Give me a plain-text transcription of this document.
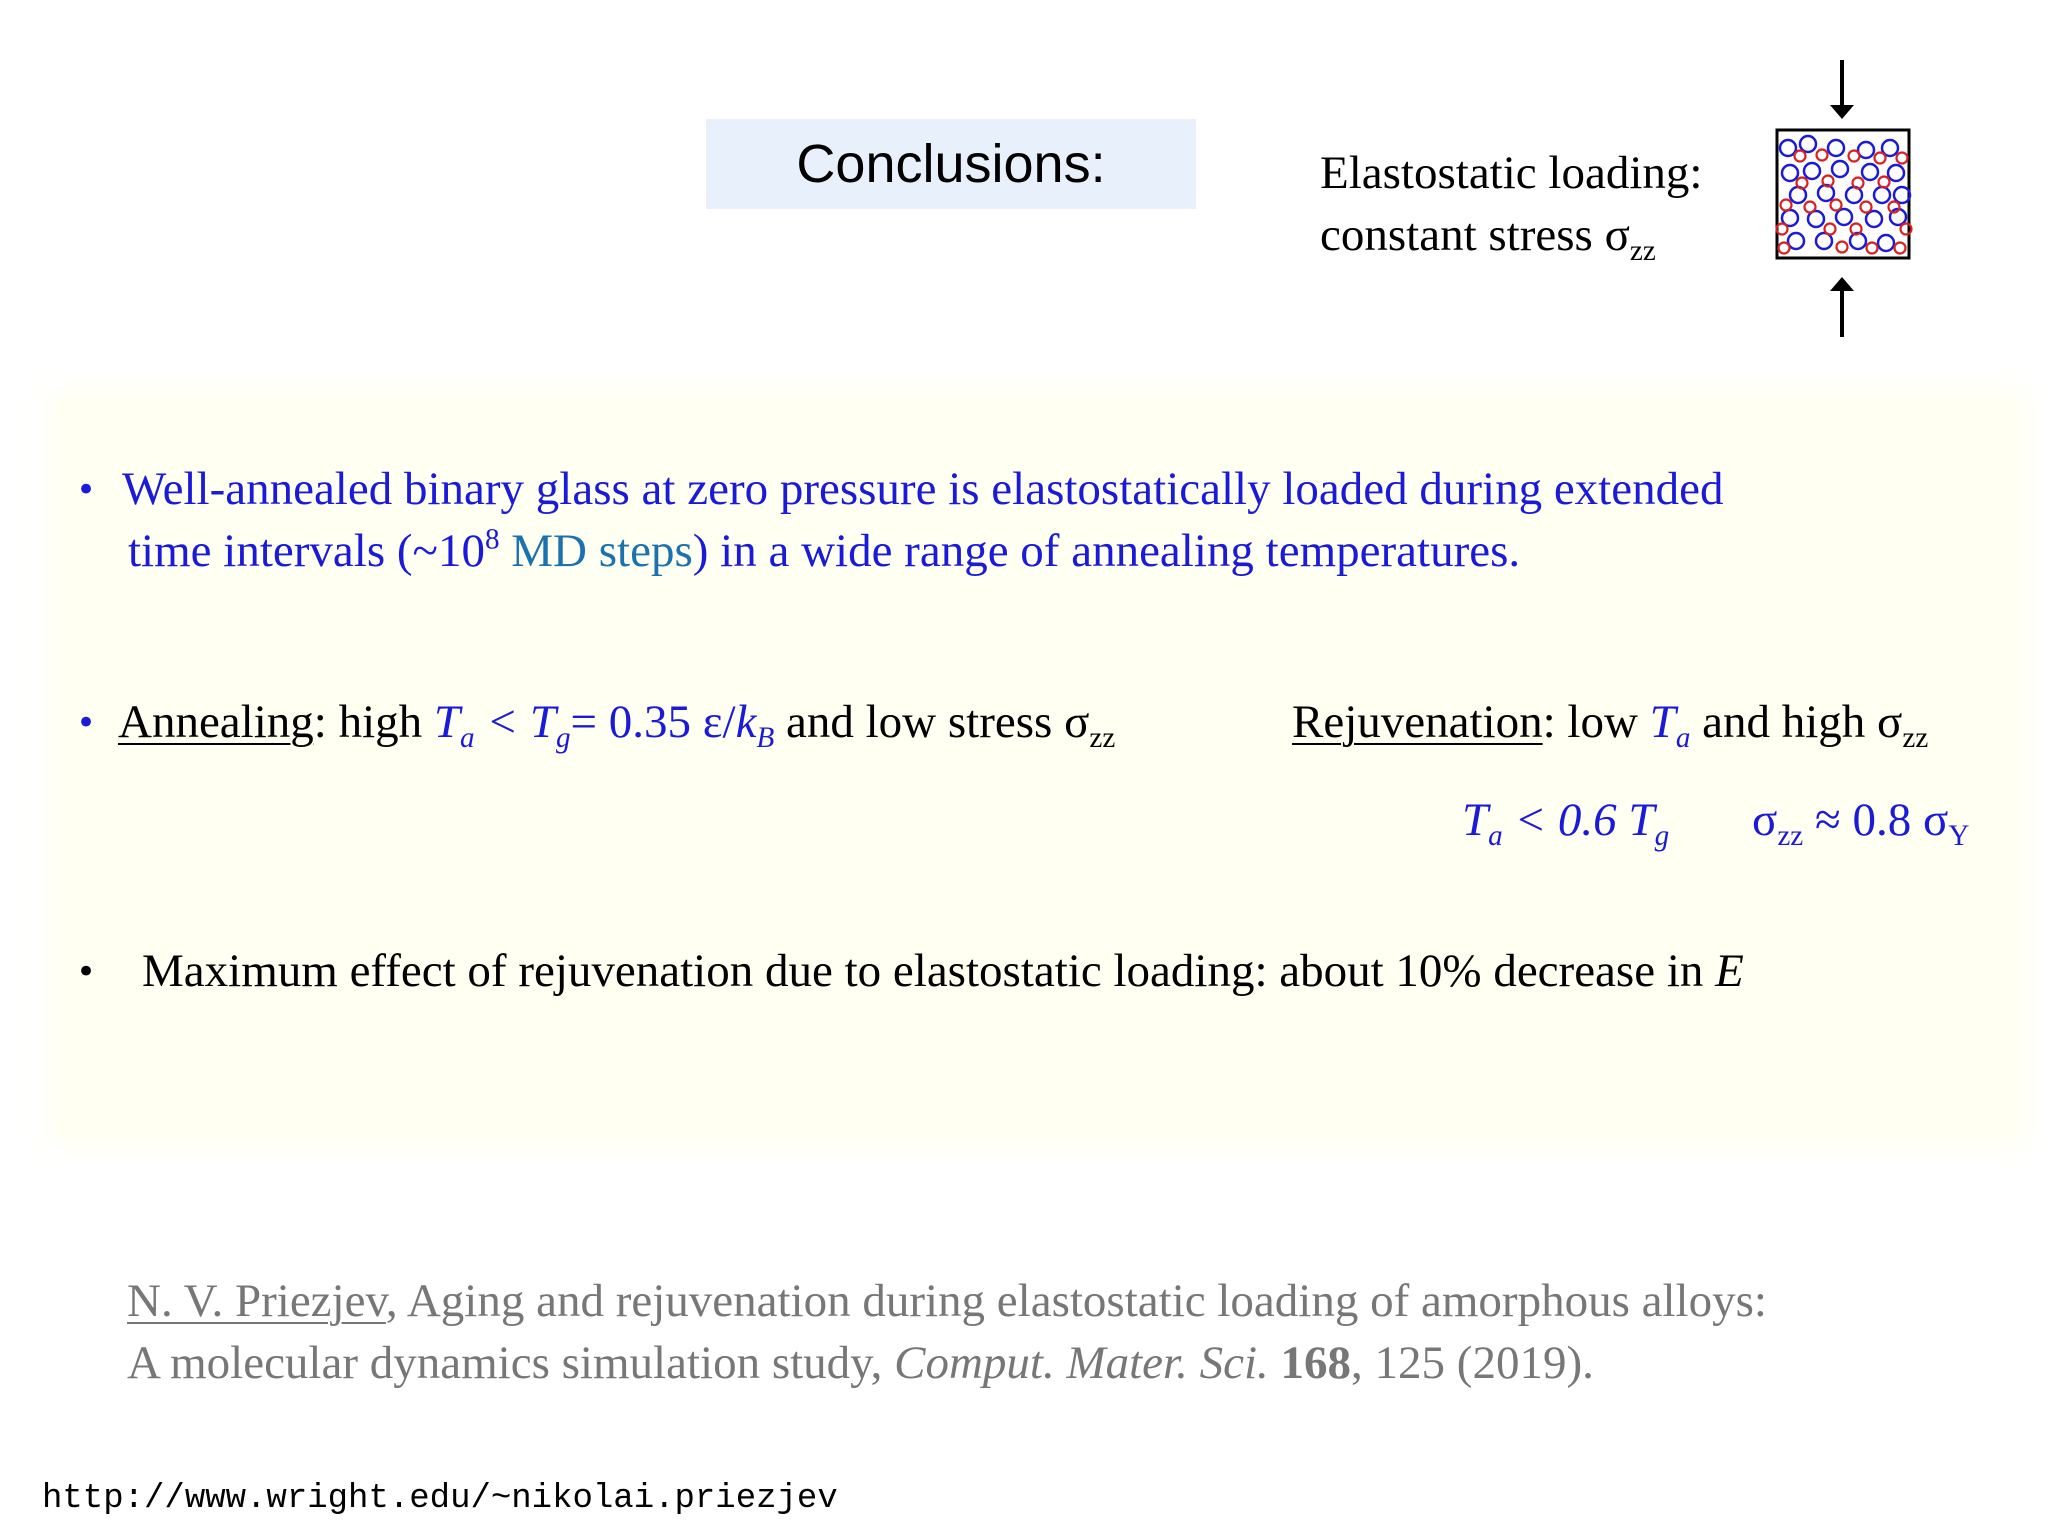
Conclusions:	Elastostatic loading:
constant stress $\sigma_{zz}$
• Well-annealed binary glass at zero pressure is elastostatically loaded during extended
time intervals ($\sim 10^8$ MD steps) in a wide range of annealing temperatures.
• Annealing: high $T_a < T_g= 0.35$ $\varepsilon/k_B$ and low stress $\sigma_{zz}$	Rejuvenation: low $T_a$ and high $\sigma_{zz}$
$T_a < 0.6$ $T_g$ $\sigma_{zz} \approx 0.8$ $\sigma_Y$
• Maximum effect of rejuvenation due to elastostatic loading: about 10% decrease in E
N. V. Priezjev, Aging and rejuvenation during elastostatic loading of amorphous alloys:
A molecular dynamics simulation study, Comput. Mater. Sci. 168, 125 (2019).
http://www.wright.edu/~nikolai.priezjev
